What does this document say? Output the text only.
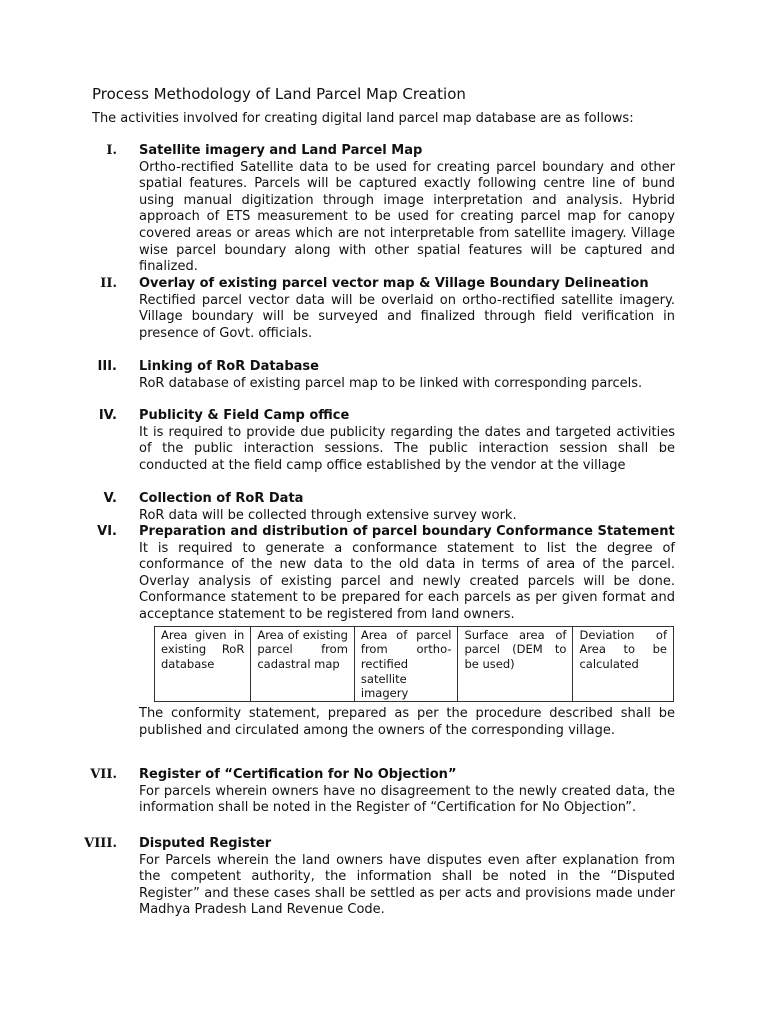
Process Methodology of Land Parcel Map Creation
The activities involved for creating digital land parcel map database are as follows:
I. Satellite imagery and Land Parcel Map

Ortho-rectified Satellite data to be used for creating parcel boundary and other spatial features. Parcels will be captured exactly following centre line of bund using manual digitization through image interpretation and analysis. Hybrid approach of ETS measurement to be used for creating parcel map for canopy covered areas or areas which are not interpretable from satellite imagery. Village wise parcel boundary along with other spatial features will be captured and finalized.

II. Overlay of existing parcel vector map & Village Boundary Delineation

Rectified parcel vector data will be overlaid on ortho-rectified satellite imagery. Village boundary will be surveyed and finalized through field verification in presence of Govt. officials.

III. Linking of RoR Database

RoR database of existing parcel map to be linked with corresponding parcels.

IV. Publicity & Field Camp office

It is required to provide due publicity regarding the dates and targeted activities of the public interaction sessions. The public interaction session shall be conducted at the field camp office established by the vendor at the village

V. Collection of RoR Data

RoR data will be collected through extensive survey work.

VI. Preparation and distribution of parcel boundary Conformance Statement

It is required to generate a conformance statement to list the degree of conformance of the new data to the old data in terms of area of the parcel. Overlay analysis of existing parcel and newly created parcels will be done. Conformance statement to be prepared for each parcels as per given format and acceptance statement to be registered from land owners.

Area given in existing RoR database	Area of existing parcel from cadastral map	Area of parcel from ortho-rectified satellite imagery	Surface area of parcel (DEM to be used)	Deviation of Area to be calculated

The conformity statement, prepared as per the procedure described shall be published and circulated among the owners of the corresponding village.

VII. Register of “Certification for No Objection”

For parcels wherein owners have no disagreement to the newly created data, the information shall be noted in the Register of “Certification for No Objection”.

VIII. Disputed Register

For Parcels wherein the land owners have disputes even after explanation from the competent authority, the information shall be noted in the “Disputed Register” and these cases shall be settled as per acts and provisions made under Madhya Pradesh Land Revenue Code.
